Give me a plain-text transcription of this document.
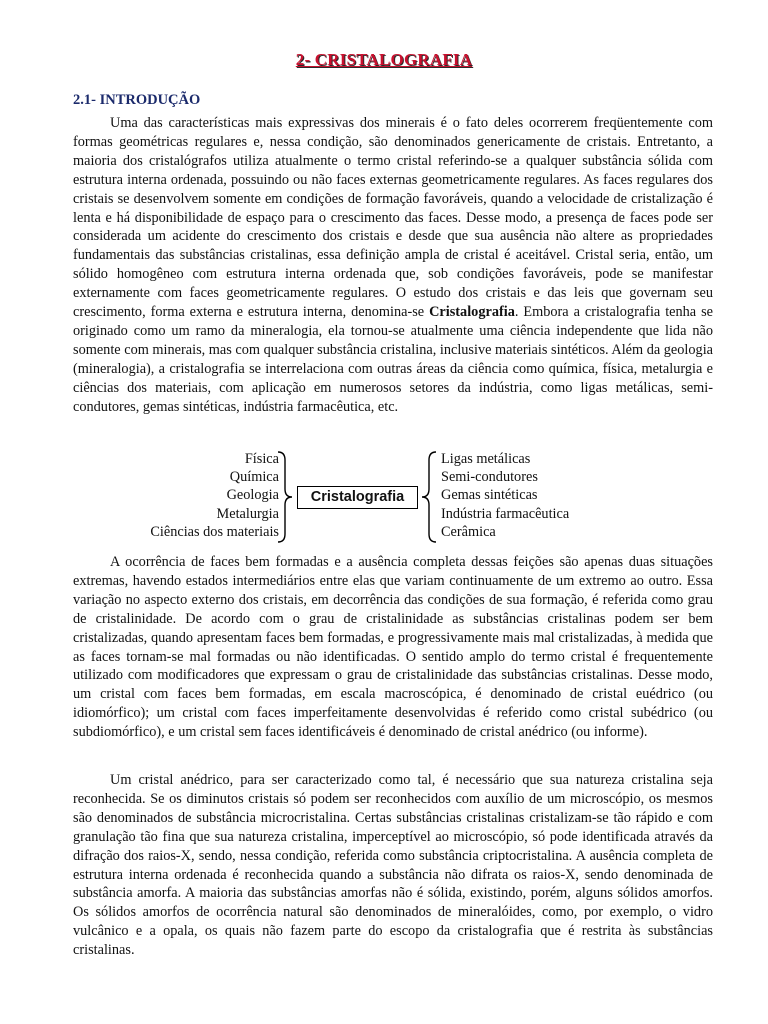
2- CRISTALOGRAFIA
2.1- INTRODUÇÃO

Uma das características mais expressivas dos minerais é o fato deles ocorrerem freqüentemente com formas geométricas regulares e, nessa condição, são denominados genericamente de cristais. Entretanto, a maioria dos cristalógrafos utiliza atualmente o termo cristal referindo-se a qualquer substância sólida com estrutura interna ordenada, possuindo ou não faces externas geometricamente regulares. As faces regulares dos cristais se desenvolvem somente em condições de formação favoráveis, quando a velocidade de cristalização é lenta e há disponibilidade de espaço para o crescimento das faces. Desse modo, a presença de faces pode ser considerada um acidente do crescimento dos cristais e desde que sua ausência não altere as propriedades fundamentais das substâncias cristalinas, essa definição ampla de cristal é aceitável. Cristal seria, então, um sólido homogêneo com estrutura interna ordenada que, sob condições favoráveis, pode se manifestar externamente com faces geometricamente regulares. O estudo dos cristais e das leis que governam seu crescimento, forma externa e estrutura interna, denomina-se Cristalografia. Embora a cristalografia tenha se originado como um ramo da mineralogia, ela tornou-se atualmente uma ciência independente que lida não somente com minerais, mas com qualquer substância cristalina, inclusive materiais sintéticos. Além da geologia (mineralogia), a cristalografia se interrelaciona com outras áreas da ciência como química, física, metalurgia e ciências dos materiais, com aplicação em numerosos setores da indústria, como ligas metálicas, semi-condutores, gemas sintéticas, indústria farmacêutica, etc.

Física
Química
Geologia
Metalurgia
Ciências dos materiais
Cristalografia
Ligas metálicas
Semi-condutores
Gemas sintéticas
Indústria farmacêutica
Cerâmica

A ocorrência de faces bem formadas e a ausência completa dessas feições são apenas duas situações extremas, havendo estados intermediários entre elas que variam continuamente de um extremo ao outro. Essa variação no aspecto externo dos cristais, em decorrência das condições de sua formação, é referida como grau de cristalinidade. De acordo com o grau de cristalinidade as substâncias cristalinas podem ser bem cristalizadas, quando apresentam faces bem formadas, e progressivamente mais mal cristalizadas, à medida que as faces tornam-se mal formadas ou não identificadas. O sentido amplo do termo cristal é frequentemente utilizado com modificadores que expressam o grau de cristalinidade das substâncias cristalinas. Desse modo, um cristal com faces bem formadas, em escala macroscópica, é denominado de cristal euédrico (ou idiomórfico); um cristal com faces imperfeitamente desenvolvidas é referido como cristal subédrico (ou subdiomórfico), e um cristal sem faces identificáveis é denominado de cristal anédrico (ou informe).

Um cristal anédrico, para ser caracterizado como tal, é necessário que sua natureza cristalina seja reconhecida. Se os diminutos cristais só podem ser reconhecidos com auxílio de um microscópio, os mesmos são denominados de substância microcristalina. Certas substâncias cristalinas cristalizam-se tão rápido e com granulação tão fina que sua natureza cristalina, imperceptível ao microscópio, só pode identificada através da difração dos raios-X, sendo, nessa condição, referida como substância criptocristalina. A ausência completa de estrutura interna ordenada é reconhecida quando a substância não difrata os raios-X, sendo denominada de substância amorfa. A maioria das substâncias amorfas não é sólida, existindo, porém, alguns sólidos amorfos. Os sólidos amorfos de ocorrência natural são denominados de mineralóides, como, por exemplo, o vidro vulcânico e a opala, os quais não fazem parte do escopo da cristalografia que é restrita às substâncias cristalinas.
